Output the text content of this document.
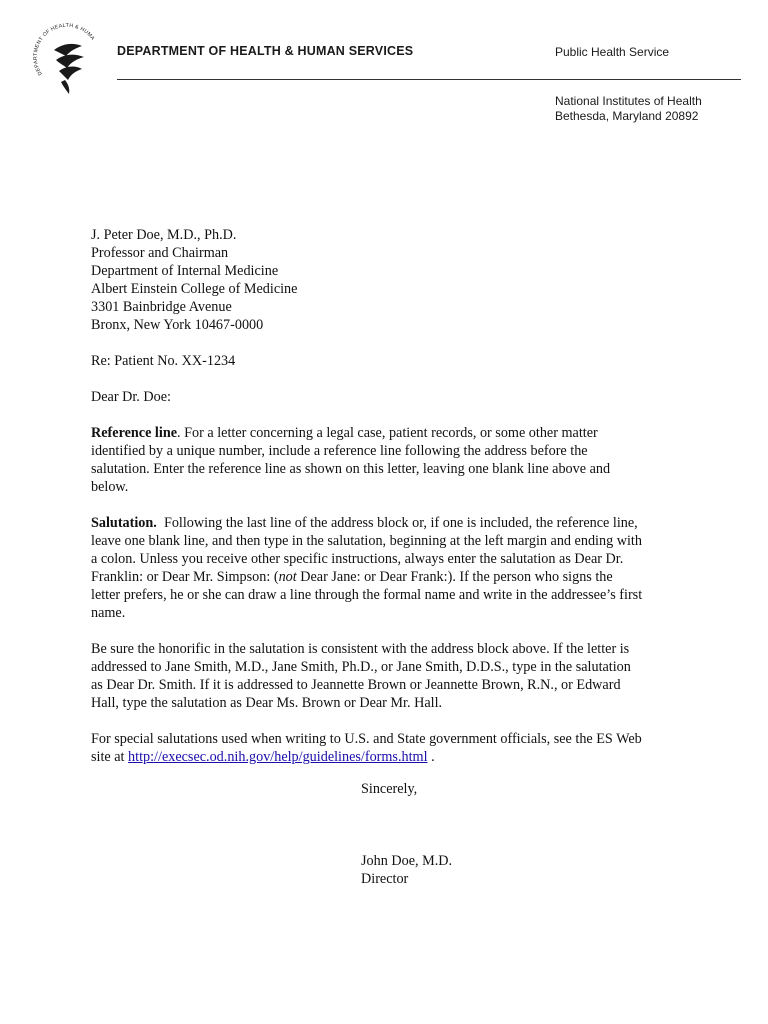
DEPARTMENT OF HEALTH & HUMA
DEPARTMENT OF HEALTH & HUMAN SERVICES	Public Health Service
National Institutes of Health
Bethesda, Maryland 20892
J. Peter Doe, M.D., Ph.D.
Professor and Chairman
Department of Internal Medicine
Albert Einstein College of Medicine
3301 Bainbridge Avenue
Bronx, New York 10467-0000
Re: Patient No. XX-1234
Dear Dr. Doe:
Reference line. For a letter concerning a legal case, patient records, or some other matter
identified by a unique number, include a reference line following the address before the
salutation. Enter the reference line as shown on this letter, leaving one blank line above and
below.
Salutation.  Following the last line of the address block or, if one is included, the reference line,
leave one blank line, and then type in the salutation, beginning at the left margin and ending with
a colon. Unless you receive other specific instructions, always enter the salutation as Dear Dr.
Franklin: or Dear Mr. Simpson: (not Dear Jane: or Dear Frank:). If the person who signs the
letter prefers, he or she can draw a line through the formal name and write in the addressee’s first
name.
Be sure the honorific in the salutation is consistent with the address block above. If the letter is
addressed to Jane Smith, M.D., Jane Smith, Ph.D., or Jane Smith, D.D.S., type in the salutation
as Dear Dr. Smith. If it is addressed to Jeannette Brown or Jeannette Brown, R.N., or Edward
Hall, type the salutation as Dear Ms. Brown or Dear Mr. Hall.
For special salutations used when writing to U.S. and State government officials, see the ES Web
site at http://execsec.od.nih.gov/help/guidelines/forms.html .
Sincerely,
John Doe, M.D.
Director
